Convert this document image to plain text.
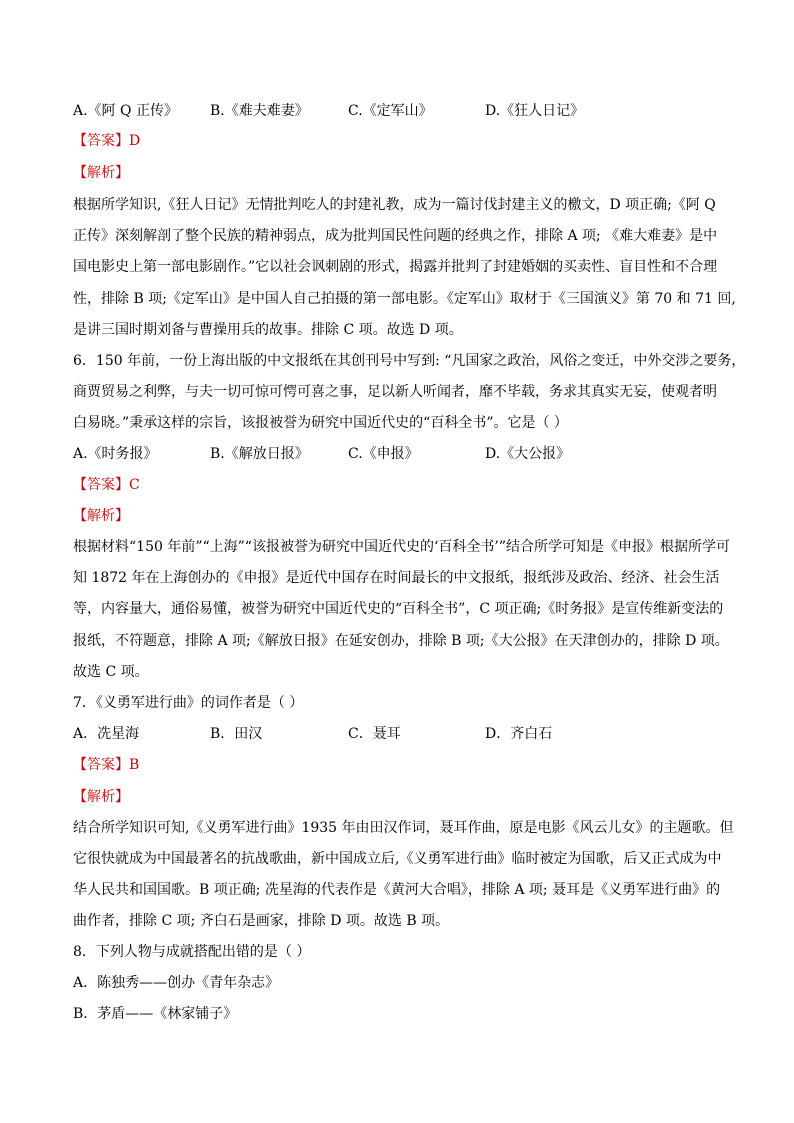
A.《阿 Q 正传》 B.《难夫难妻》	C.《定军山》	D.《狂人日记》
【答案】D
【解析】
根据所学知识,《狂人日记》无情批判吃人的封建礼教，成为一篇讨伐封建主义的檄文，D 项正确;《阿 Q
正传》深刻解剖了整个民族的精神弱点，成为批判国民性问题的经典之作，排除 A 项; 《难大难妻》是中
国电影史上第一部电影剧作。”它以社会讽刺剧的形式，揭露并批判了封建婚姻的买卖性、盲目性和不合理
性，排除 B 项;《定军山》是中国人自己拍摄的第一部电影。《定军山》取材于《三国演义》第 70 和 71 回,
是讲三国时期刘备与曹操用兵的故事。排除 C 项。故选 D 项。
6．150 年前，一份上海出版的中文报纸在其创刊号中写到: “凡国家之政治，风俗之变迁，中外交涉之要务，
商贾贸易之利弊，与夫一切可惊可愕可喜之事，足以新人听闻者，靡不毕载，务求其真实无妄，使观者明
白易晓。”秉承这样的宗旨，该报被誉为研究中国近代史的“百科全书”。它是（ ）
A.《时务报》	B.《解放日报》	C.《申报》	D.《大公报》
【答案】C
【解析】
根据材料“150 年前”“上海”“该报被誉为研究中国近代史的‘百科全书’”结合所学可知是《申报》根据所学可
知 1872 年在上海创办的《申报》是近代中国存在时间最长的中文报纸，报纸涉及政治、经济、社会生活
等，内容量大，通俗易懂，被誉为研究中国近代史的“百科全书”，C 项正确;《时务报》是宣传维新变法的
报纸，不符题意，排除 A 项;《解放日报》在延安创办，排除 B 项;《大公报》在天津创办的，排除 D 项。
故选 C 项。
7．《义勇军进行曲》的词作者是（ ）
A．冼星海	B．田汉	C．聂耳	D．齐白石
【答案】B
【解析】
结合所学知识可知,《义勇军进行曲》1935 年由田汉作词，聂耳作曲，原是电影《风云儿女》的主题歌。但
它很快就成为中国最著名的抗战歌曲，新中国成立后,《义勇军进行曲》临时被定为国歌，后又正式成为中
华人民共和国国歌。B 项正确; 冼星海的代表作是《黄河大合唱》，排除 A 项; 聂耳是《义勇军进行曲》的
曲作者，排除 C 项; 齐白石是画家，排除 D 项。故选 B 项。
8．下列人物与成就搭配出错的是（ ）
A．陈独秀——创办《青年杂志》
B．茅盾——《林家铺子》
